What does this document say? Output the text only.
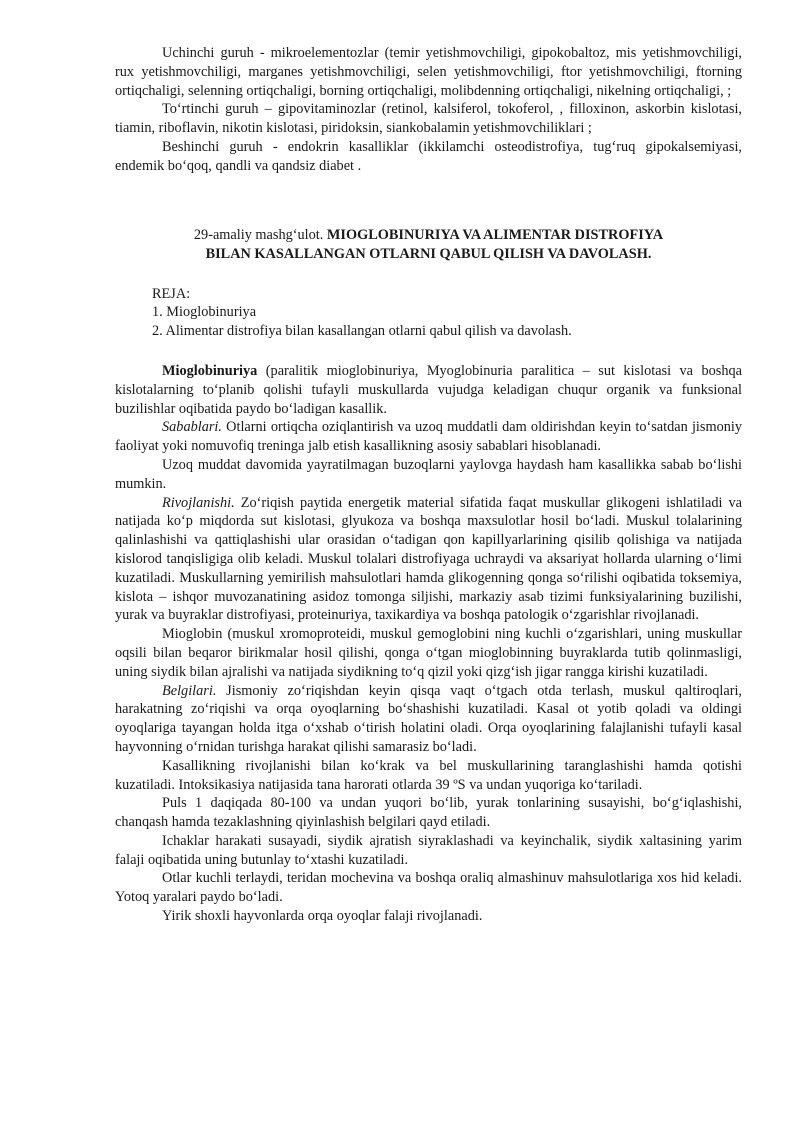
Uchinchi guruh - mikroelementozlar (temir yetishmovchiligi, gipokobaltoz, mis yetishmovchiligi, rux yetishmovchiligi, marganes yetishmovchiligi, selen yetishmovchiligi, ftor yetishmovchiligi, ftorning ortiqchaligi, selenning ortiqchaligi, borning ortiqchaligi, molibdenning ortiqchaligi, nikelning ortiqchaligi, ;

To‘rtinchi guruh – gipovitaminozlar (retinol, kalsiferol, tokoferol, , filloxinon, askorbin kislotasi, tiamin, riboflavin, nikotin kislotasi, piridoksin, siankobalamin yetishmovchiliklari ;

Beshinchi guruh - endokrin kasalliklar (ikkilamchi osteodistrofiya, tug‘ruq gipokalsemiyasi, endemik bo‘qoq, qandli va qandsiz diabet .

29-amaliy mashg‘ulot. MIOGLOBINURIYA VA ALIMENTAR DISTROFIYA
BILAN KASALLANGAN OTLARNI QABUL QILISH VA DAVOLASH.

REJA:

1. Mioglobinuriya

2. Alimentar distrofiya bilan kasallangan otlarni qabul qilish va davolash.

Mioglobinuriya (paralitik mioglobinuriya, Myoglobinuria paralitica – sut kislotasi va boshqa kislotalarning to‘planib qolishi tufayli muskullarda vujudga keladigan chuqur organik va funksional buzilishlar oqibatida paydo bo‘ladigan kasallik.

Sabablari. Otlarni ortiqcha oziqlantirish va uzoq muddatli dam oldirishdan keyin to‘satdan jismoniy faoliyat yoki nomuvofiq treninga jalb etish kasallikning asosiy sabablari hisoblanadi.

Uzoq muddat davomida yayratilmagan buzoqlarni yaylovga haydash ham kasallikka sabab bo‘lishi mumkin.

Rivojlanishi. Zo‘riqish paytida energetik material sifatida faqat muskullar glikogeni ishlatiladi va natijada ko‘p miqdorda sut kislotasi, glyukoza va boshqa maxsulotlar hosil bo‘ladi. Muskul tolalarining qalinlashishi va qattiqlashishi ular orasidan o‘tadigan qon kapillyarlarining qisilib qolishiga va natijada kislorod tanqisligiga olib keladi. Muskul tolalari distrofiyaga uchraydi va aksariyat hollarda ularning o‘limi kuzatiladi. Muskullarning yemirilish mahsulotlari hamda glikogenning qonga so‘rilishi oqibatida toksemiya, kislota – ishqor muvozanatining asidoz tomonga siljishi, markaziy asab tizimi funksiyalarining buzilishi, yurak va buyraklar distrofiyasi, proteinuriya, taxikardiya va boshqa patologik o‘zgarishlar rivojlanadi.

Mioglobin (muskul xromoproteidi, muskul gemoglobini ning kuchli o‘zgarishlari, uning muskullar oqsili bilan beqaror birikmalar hosil qilishi, qonga o‘tgan mioglobinning buyraklarda tutib qolinmasligi, uning siydik bilan ajralishi va natijada siydikning to‘q qizil yoki qizg‘ish jigar rangga kirishi kuzatiladi.

Belgilari. Jismoniy zo‘riqishdan keyin qisqa vaqt o‘tgach otda terlash, muskul qaltiroqlari, harakatning zo‘riqishi va orqa oyoqlarning bo‘shashishi kuzatiladi. Kasal ot yotib qoladi va oldingi oyoqlariga tayangan holda itga o‘xshab o‘tirish holatini oladi. Orqa oyoqlarining falajlanishi tufayli kasal hayvonning o‘rnidan turishga harakat qilishi samarasiz bo‘ladi.

Kasallikning rivojlanishi bilan ko‘krak va bel muskullarining taranglashishi hamda qotishi kuzatiladi. Intoksikasiya natijasida tana harorati otlarda 39 ºS va undan yuqoriga ko‘tariladi.

Puls 1 daqiqada 80-100 va undan yuqori bo‘lib, yurak tonlarining susayishi, bo‘g‘iqlashishi, chanqash hamda tezaklashning qiyinlashish belgilari qayd etiladi.

Ichaklar harakati susayadi, siydik ajratish siyraklashadi va keyinchalik, siydik xaltasining yarim falaji oqibatida uning butunlay to‘xtashi kuzatiladi.

Otlar kuchli terlaydi, teridan mochevina va boshqa oraliq almashinuv mahsulotlariga xos hid keladi. Yotoq yaralari paydo bo‘ladi.

Yirik shoxli hayvonlarda orqa oyoqlar falaji rivojlanadi.
